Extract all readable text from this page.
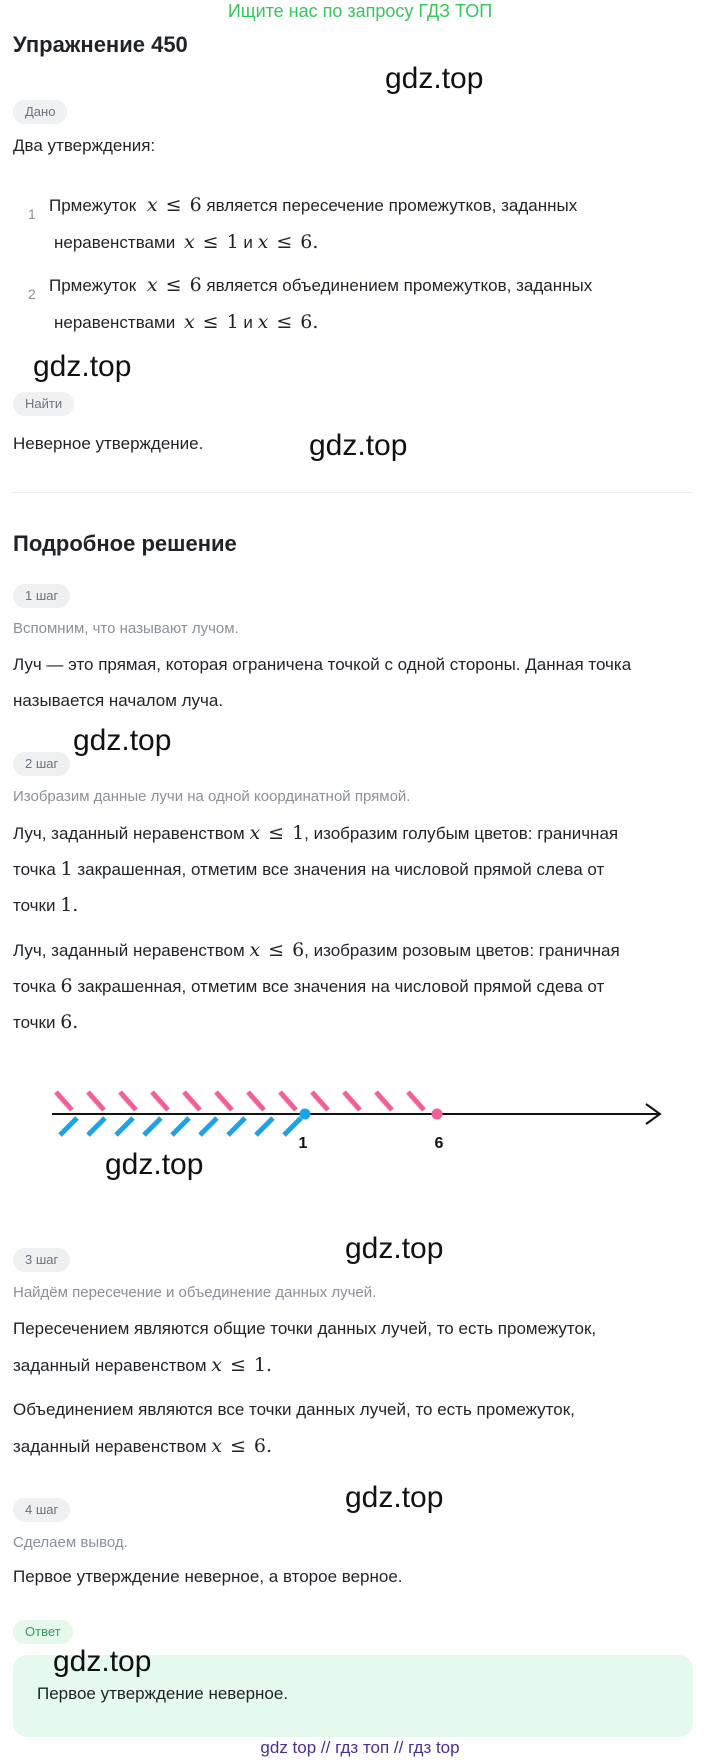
Ищите нас по запросу ГДЗ ТОП
Упражнение 450
gdz.top
Дано
Два утверждения:
1 Прмежуток x ≤ 6 является пересечение промежутков, заданных
неравенствами x ≤ 1 и x ≤ 6.
2 Прмежуток x ≤ 6 является объединением промежутков, заданных
неравенствами x ≤ 1 и x ≤ 6.
gdz.top
Найти
Неверное утверждение.	gdz.top
Подробное решение
1 шаг
Вспомним, что называют лучом.
Луч — это прямая, которая ограничена точкой с одной стороны. Данная точка
называется началом луча.
gdz.top
2 шаг
Изобразим данные лучи на одной координатной прямой.
Луч, заданный неравенством x ≤ 1, изобразим голубым цветов: граничная
точка 1 закрашенная, отметим все значения на числовой прямой слева от
точки 1.
Луч, заданный неравенством x ≤ 6, изобразим розовым цветов: граничная
точка 6 закрашенная, отметим все значения на числовой прямой сдева от
точки 6.
1	6
gdz.top
gdz.top
3 шаг
Найдём пересечение и объединение данных лучей.
Пересечением являются общие точки данных лучей, то есть промежуток,
заданный неравенством x ≤ 1.
Объединением являются все точки данных лучей, то есть промежуток,
заданный неравенством x ≤ 6.
gdz.top
4 шаг
Сделаем вывод.
Первое утверждение неверное, а второе верное.
Ответ
gdz.top
Первое утверждение неверное.
gdz top // гдз топ // гдз top
